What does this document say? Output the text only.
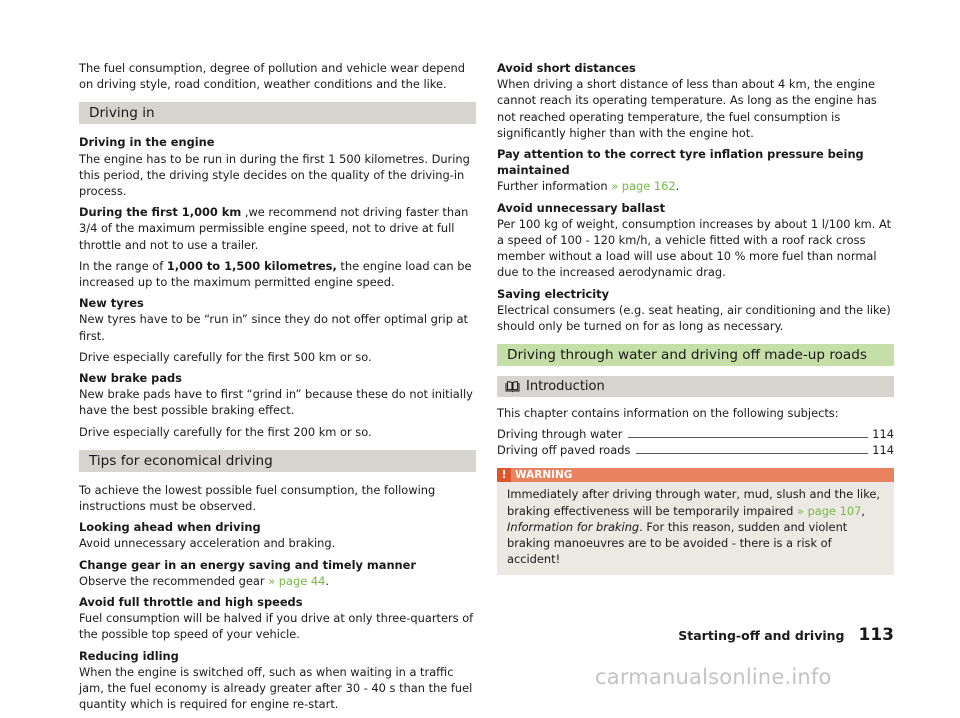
The fuel consumption, degree of pollution and vehicle wear depend on driving style, road condition, weather conditions and the like.

Driving in

Driving in the engine
The engine has to be run in during the first 1 500 kilometres. During this period, the driving style decides on the quality of the driving-in process.

During the first 1,000 km ,we recommend not driving faster than 3/4 of the maximum permissible engine speed, not to drive at full throttle and not to use a trailer.

In the range of 1,000 to 1,500 kilometres, the engine load can be increased up to the maximum permitted engine speed.

New tyres
New tyres have to be “run in” since they do not offer optimal grip at first.

Drive especially carefully for the first 500 km or so.

New brake pads
New brake pads have to first “grind in” because these do not initially have the best possible braking effect.

Drive especially carefully for the first 200 km or so.

Tips for economical driving

To achieve the lowest possible fuel consumption, the following instructions must be observed.

Looking ahead when driving
Avoid unnecessary acceleration and braking.

Change gear in an energy saving and timely manner
Observe the recommended gear » page 44.

Avoid full throttle and high speeds
Fuel consumption will be halved if you drive at only three-quarters of the possible top speed of your vehicle.

Reducing idling
When the engine is switched off, such as when waiting in a traffic jam, the fuel economy is already greater after 30 - 40 s than the fuel quantity which is required for engine re-start.

Avoid short distances
When driving a short distance of less than about 4 km, the engine cannot reach its operating temperature. As long as the engine has not reached operating temperature, the fuel consumption is significantly higher than with the engine hot.

Pay attention to the correct tyre inflation pressure being maintained
Further information » page 162.

Avoid unnecessary ballast
Per 100 kg of weight, consumption increases by about 1 l/100 km. At a speed of 100 - 120 km/h, a vehicle fitted with a roof rack cross member without a load will use about 10 % more fuel than normal due to the increased aerodynamic drag.

Saving electricity
Electrical consumers (e.g. seat heating, air conditioning and the like) should only be turned on for as long as necessary.

Driving through water and driving off made-up roads
Introduction

This chapter contains information on the following subjects:

Driving through water	114
Driving off paved roads	114
! WARNING
Immediately after driving through water, mud, slush and the like, braking effectiveness will be temporarily impaired » page 107, Information for braking. For this reason, sudden and violent braking manoeuvres are to be avoided - there is a risk of accident!
Starting-off and driving 113
carmanualsonline.info
